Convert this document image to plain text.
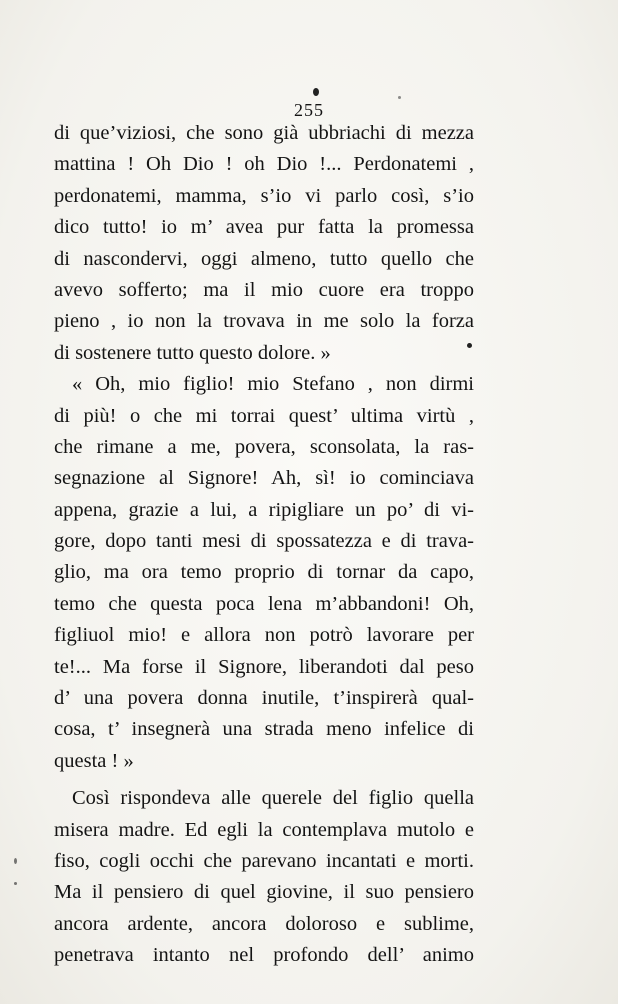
255
di que’viziosi, che sono già ubbriachi di mezza
mattina ! Oh Dio ! oh Dio !... Perdonatemi ,
perdonatemi, mamma, s’io vi parlo così, s’io
dico tutto! io m’ avea pur fatta la promessa
di nascondervi, oggi almeno, tutto quello che
avevo sofferto; ma il mio cuore era troppo
pieno , io non la trovava in me solo la forza
di sostenere tutto questo dolore. »
« Oh, mio figlio! mio Stefano , non dirmi
di più! o che mi torrai quest’ ultima virtù ,
che rimane a me, povera, sconsolata, la ras-
segnazione al Signore! Ah, sì! io cominciava
appena, grazie a lui, a ripigliare un po’ di vi-
gore, dopo tanti mesi di spossatezza e di trava-
glio, ma ora temo proprio di tornar da capo,
temo che questa poca lena m’abbandoni! Oh,
figliuol mio! e allora non potrò lavorare per
te!... Ma forse il Signore, liberandoti dal peso
d’ una povera donna inutile, t’inspirerà qual-
cosa, t’ insegnerà una strada meno infelice di
questa ! »
Così rispondeva alle querele del figlio quella
misera madre. Ed egli la contemplava mutolo e
fiso, cogli occhi che parevano incantati e morti.
Ma il pensiero di quel giovine, il suo pensiero
ancora ardente, ancora doloroso e sublime,
penetrava intanto nel profondo dell’ animo
